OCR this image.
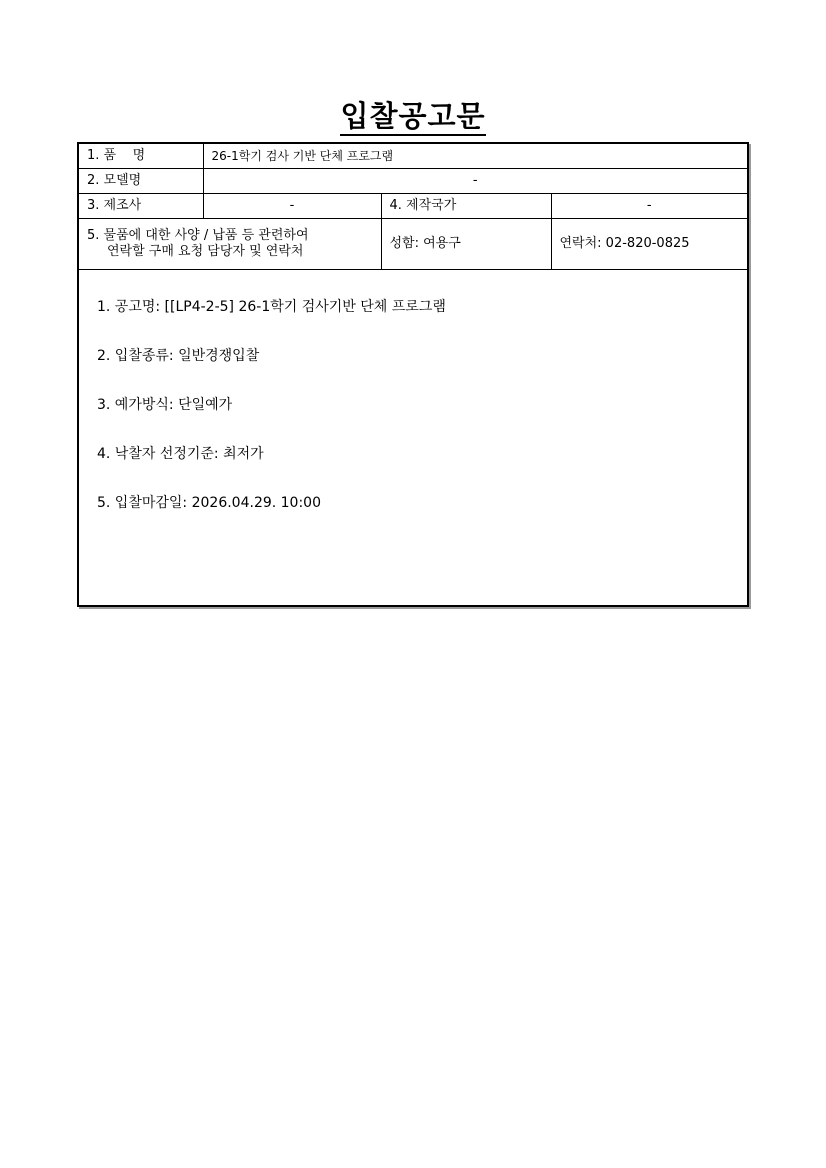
입찰공고문
1. 품    명	26-1학기 검사 기반 단체 프로그램		
2. 모델명	-		
3. 제조사	-	4. 제작국가	-
5. 물품에 대한 사양 / 납품 등 관련하여
연락할 구매 요청 담당자 및 연락처		성함: 여용구	연락처: 02-820-0825
1. 공고명: [[LP4-2-5] 26-1학기 검사기반 단체 프로그램
2. 입찰종류: 일반경쟁입찰
3. 예가방식: 단일예가
4. 낙찰자 선정기준: 최저가
5. 입찰마감일: 2026.04.29. 10:00
